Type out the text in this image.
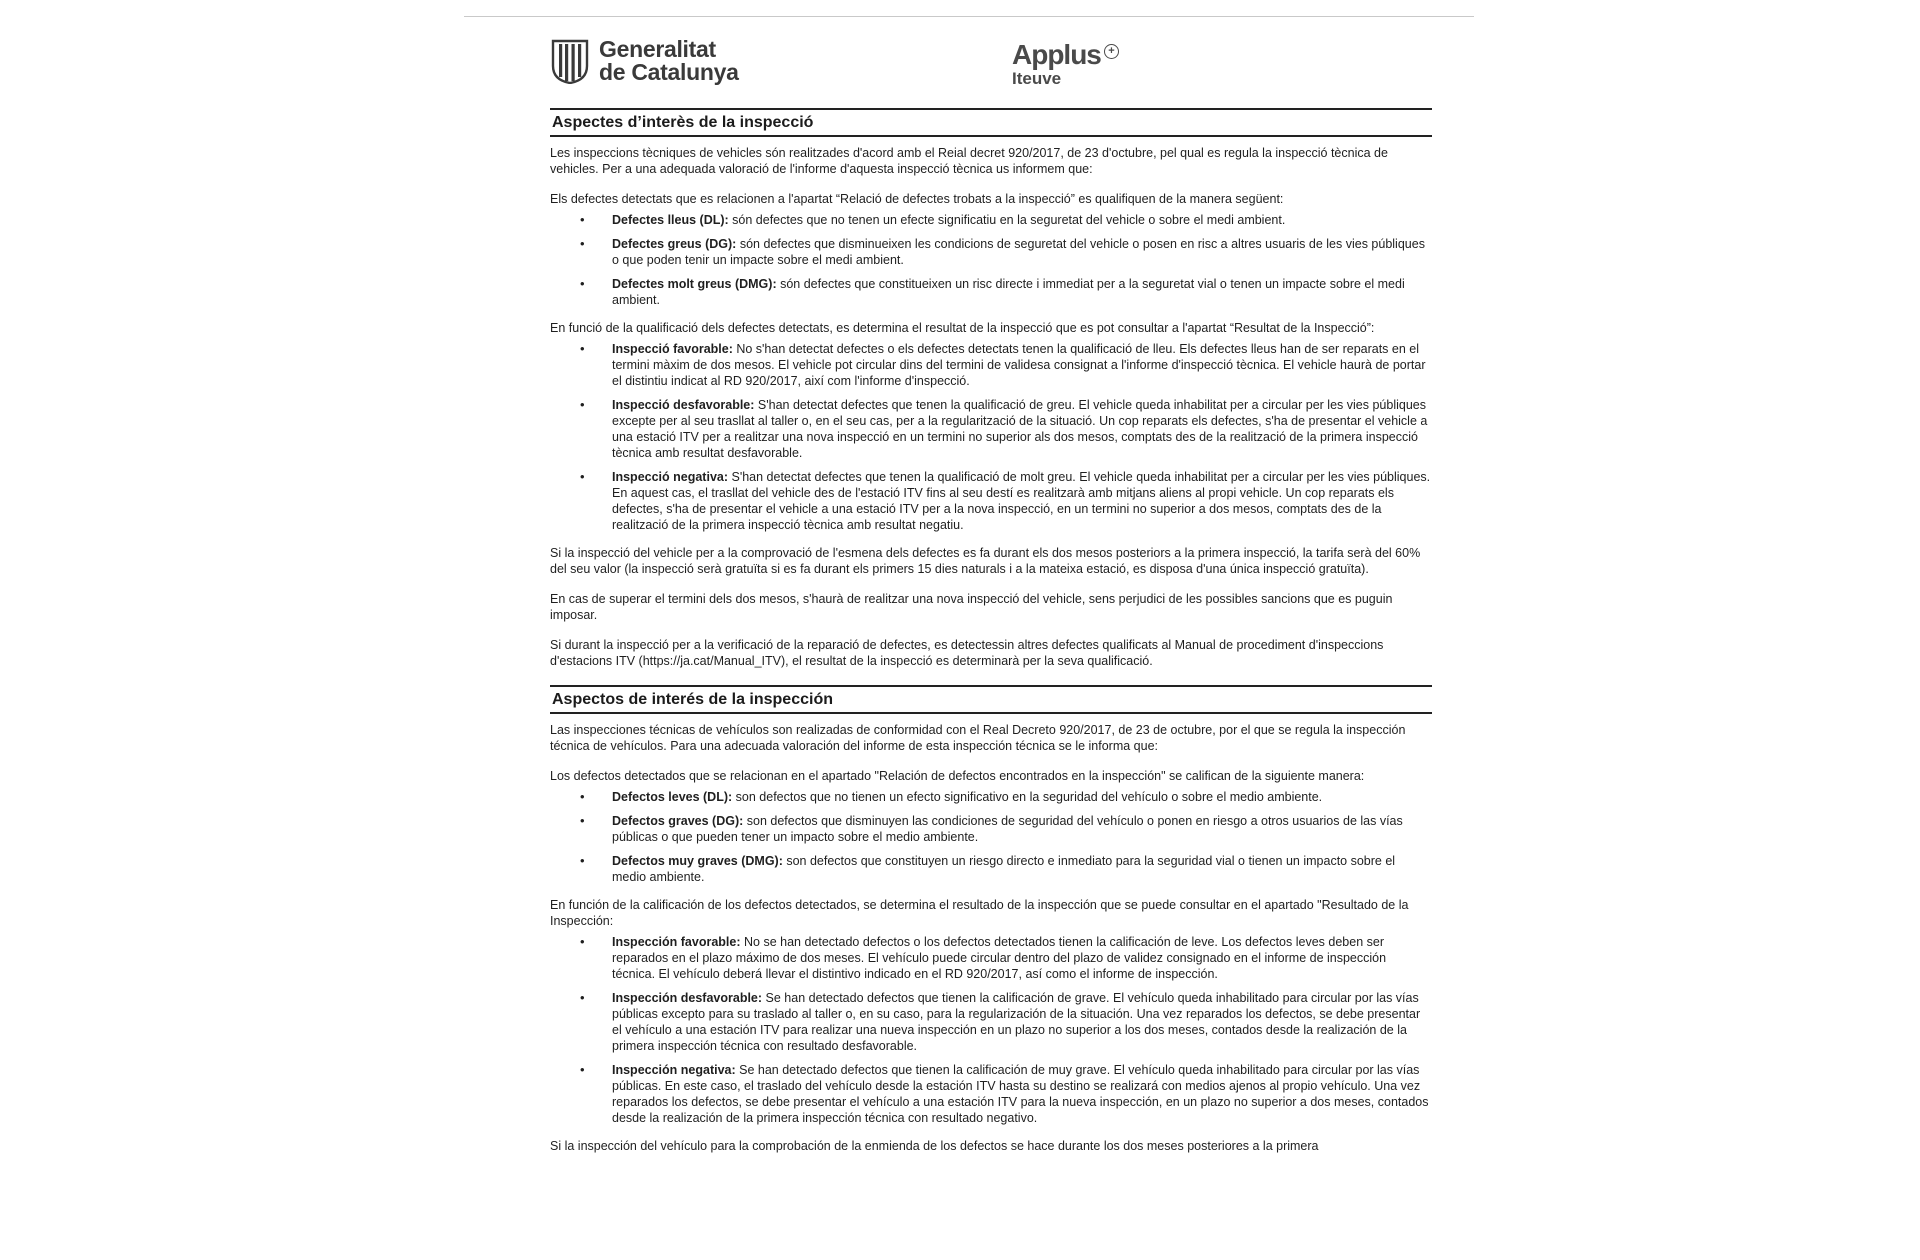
Generalitat
de Catalunya
Applus +
Iteuve
Aspectes d’interès de la inspecció

Les inspeccions tècniques de vehicles són realitzades d'acord amb el Reial decret 920/2017, de 23 d'octubre, pel qual es regula la inspecció tècnica de vehicles. Per a una adequada valoració de l'informe d'aquesta inspecció tècnica us informem que:

Els defectes detectats que es relacionen a l'apartat “Relació de defectes trobats a la inspecció” es qualifiquen de la manera següent:

• Defectes lleus (DL): són defectes que no tenen un efecte significatiu en la seguretat del vehicle o sobre el medi ambient.
• Defectes greus (DG): són defectes que disminueixen les condicions de seguretat del vehicle o posen en risc a altres usuaris de les vies públiques o que poden tenir un impacte sobre el medi ambient.
• Defectes molt greus (DMG): són defectes que constitueixen un risc directe i immediat per a la seguretat vial o tenen un impacte sobre el medi ambient.

En funció de la qualificació dels defectes detectats, es determina el resultat de la inspecció que es pot consultar a l'apartat “Resultat de la Inspecció”:

• Inspecció favorable: No s'han detectat defectes o els defectes detectats tenen la qualificació de lleu. Els defectes lleus han de ser reparats en el termini màxim de dos mesos. El vehicle pot circular dins del termini de validesa consignat a l'informe d'inspecció tècnica. El vehicle haurà de portar el distintiu indicat al RD 920/2017, així com l'informe d'inspecció.
• Inspecció desfavorable: S'han detectat defectes que tenen la qualificació de greu. El vehicle queda inhabilitat per a circular per les vies públiques excepte per al seu trasllat al taller o, en el seu cas, per a la regularització de la situació. Un cop reparats els defectes, s'ha de presentar el vehicle a una estació ITV per a realitzar una nova inspecció en un termini no superior als dos mesos, comptats des de la realització de la primera inspecció tècnica amb resultat desfavorable.
• Inspecció negativa: S'han detectat defectes que tenen la qualificació de molt greu. El vehicle queda inhabilitat per a circular per les vies públiques. En aquest cas, el trasllat del vehicle des de l'estació ITV fins al seu destí es realitzarà amb mitjans aliens al propi vehicle. Un cop reparats els defectes, s'ha de presentar el vehicle a una estació ITV per a la nova inspecció, en un termini no superior a dos mesos, comptats des de la realització de la primera inspecció tècnica amb resultat negatiu.

Si la inspecció del vehicle per a la comprovació de l'esmena dels defectes es fa durant els dos mesos posteriors a la primera inspecció, la tarifa serà del 60% del seu valor (la inspecció serà gratuïta si es fa durant els primers 15 dies naturals i a la mateixa estació, es disposa d'una única inspecció gratuïta).

En cas de superar el termini dels dos mesos, s'haurà de realitzar una nova inspecció del vehicle, sens perjudici de les possibles sancions que es puguin imposar.

Si durant la inspecció per a la verificació de la reparació de defectes, es detectessin altres defectes qualificats al Manual de procediment d'inspeccions d'estacions ITV (https://ja.cat/Manual_ITV), el resultat de la inspecció es determinarà per la seva qualificació.

Aspectos de interés de la inspección

Las inspecciones técnicas de vehículos son realizadas de conformidad con el Real Decreto 920/2017, de 23 de octubre, por el que se regula la inspección técnica de vehículos. Para una adecuada valoración del informe de esta inspección técnica se le informa que:

Los defectos detectados que se relacionan en el apartado "Relación de defectos encontrados en la inspección" se califican de la siguiente manera:

• Defectos leves (DL): son defectos que no tienen un efecto significativo en la seguridad del vehículo o sobre el medio ambiente.
• Defectos graves (DG): son defectos que disminuyen las condiciones de seguridad del vehículo o ponen en riesgo a otros usuarios de las vías públicas o que pueden tener un impacto sobre el medio ambiente.
• Defectos muy graves (DMG): son defectos que constituyen un riesgo directo e inmediato para la seguridad vial o tienen un impacto sobre el medio ambiente.

En función de la calificación de los defectos detectados, se determina el resultado de la inspección que se puede consultar en el apartado "Resultado de la Inspección:

• Inspección favorable: No se han detectado defectos o los defectos detectados tienen la calificación de leve. Los defectos leves deben ser reparados en el plazo máximo de dos meses. El vehículo puede circular dentro del plazo de validez consignado en el informe de inspección técnica. El vehículo deberá llevar el distintivo indicado en el RD 920/2017, así como el informe de inspección.
• Inspección desfavorable: Se han detectado defectos que tienen la calificación de grave. El vehículo queda inhabilitado para circular por las vías públicas excepto para su traslado al taller o, en su caso, para la regularización de la situación. Una vez reparados los defectos, se debe presentar el vehículo a una estación ITV para realizar una nueva inspección en un plazo no superior a los dos meses, contados desde la realización de la primera inspección técnica con resultado desfavorable.
• Inspección negativa: Se han detectado defectos que tienen la calificación de muy grave. El vehículo queda inhabilitado para circular por las vías públicas. En este caso, el traslado del vehículo desde la estación ITV hasta su destino se realizará con medios ajenos al propio vehículo. Una vez reparados los defectos, se debe presentar el vehículo a una estación ITV para la nueva inspección, en un plazo no superior a dos meses, contados desde la realización de la primera inspección técnica con resultado negativo.

Si la inspección del vehículo para la comprobación de la enmienda de los defectos se hace durante los dos meses posteriores a la primera
